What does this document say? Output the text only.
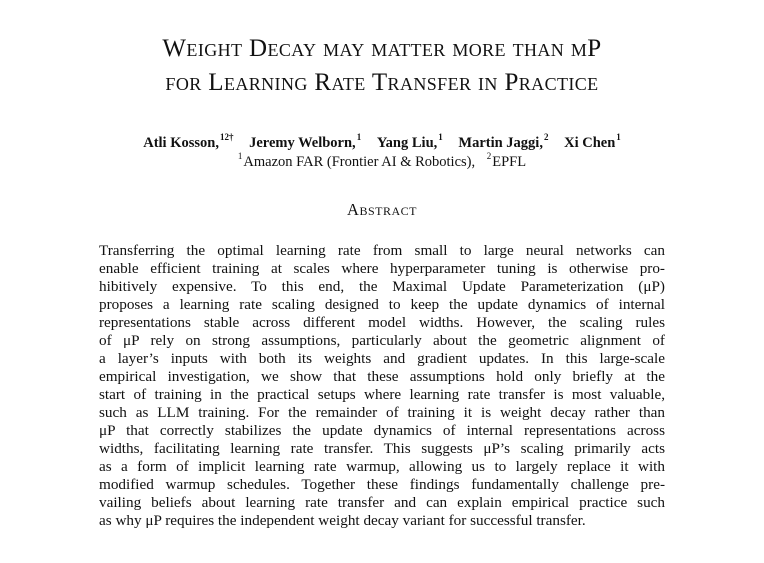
Weight Decay may matter more than μP
for Learning Rate Transfer in Practice
Atli Kosson,$^{12\dagger}$ Jeremy Welborn,$^1$ Yang Liu,$^1$ Martin Jaggi,$^2$ Xi Chen$^1$
$^1$Amazon FAR (Frontier AI & Robotics), $^2$EPFL
Abstract
Transferring the optimal learning rate from small to large neural networks can
enable efficient training at scales where hyperparameter tuning is otherwise pro-
hibitively expensive. To this end, the Maximal Update Parameterization (μP)
proposes a learning rate scaling designed to keep the update dynamics of internal
representations stable across different model widths. However, the scaling rules
of μP rely on strong assumptions, particularly about the geometric alignment of
a layer’s inputs with both its weights and gradient updates. In this large-scale
empirical investigation, we show that these assumptions hold only briefly at the
start of training in the practical setups where learning rate transfer is most valuable,
such as LLM training. For the remainder of training it is weight decay rather than
μP that correctly stabilizes the update dynamics of internal representations across
widths, facilitating learning rate transfer. This suggests μP’s scaling primarily acts
as a form of implicit learning rate warmup, allowing us to largely replace it with
modified warmup schedules. Together these findings fundamentally challenge pre-
vailing beliefs about learning rate transfer and can explain empirical practice such
as why μP requires the independent weight decay variant for successful transfer.
